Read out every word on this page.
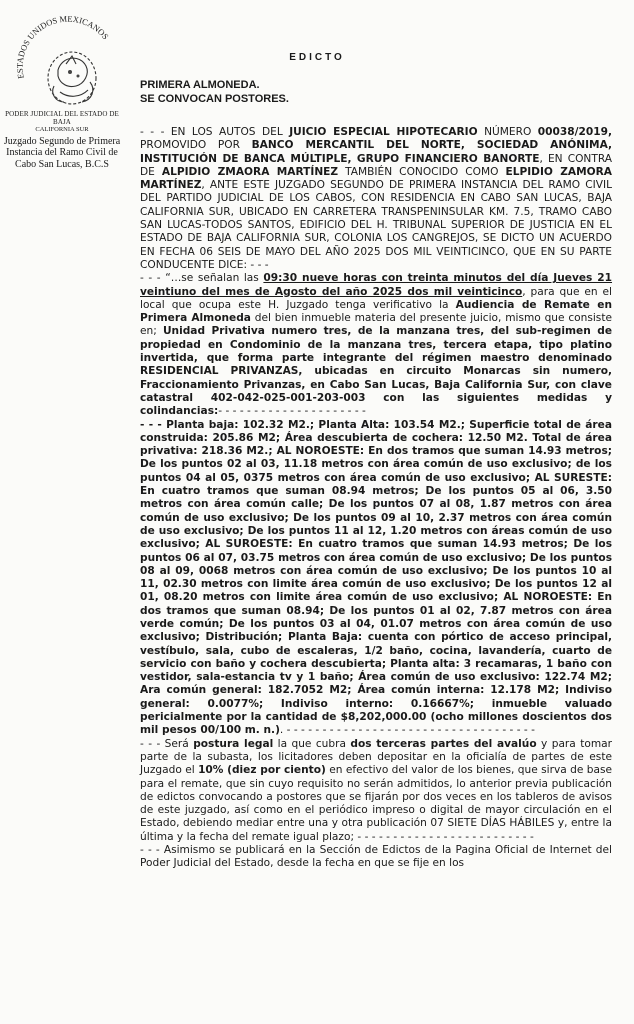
ESTADOS UNIDOS MEXICANOS
PODER JUDICIAL DEL ESTADO DE BAJA
CALIFORNIA SUR
Juzgado Segundo de Primera Instancia del Ramo Civil de Cabo San Lucas, B.C.S
EDICTO
PRIMERA ALMONEDA.
SE CONVOCAN POSTORES.

- - - EN LOS AUTOS DEL JUICIO ESPECIAL HIPOTECARIO NÚMERO 00038/2019, PROMOVIDO POR BANCO MERCANTIL DEL NORTE, SOCIEDAD ANÓNIMA, INSTITUCIÓN DE BANCA MÚLTIPLE, GRUPO FINANCIERO BANORTE, EN CONTRA DE ALPIDIO ZMAORA MARTÍNEZ TAMBIÉN CONOCIDO COMO ELPIDIO ZAMORA MARTÍNEZ, ANTE ESTE JUZGADO SEGUNDO DE PRIMERA INSTANCIA DEL RAMO CIVIL DEL PARTIDO JUDICIAL DE LOS CABOS, CON RESIDENCIA EN CABO SAN LUCAS, BAJA CALIFORNIA SUR, UBICADO EN CARRETERA TRANSPENINSULAR KM. 7.5, TRAMO CABO SAN LUCAS-TODOS SANTOS, EDIFICIO DEL H. TRIBUNAL SUPERIOR DE JUSTICIA EN EL ESTADO DE BAJA CALIFORNIA SUR, COLONIA LOS CANGREJOS, SE DICTO UN ACUERDO EN FECHA 06 SEIS DE MAYO DEL AÑO 2025 DOS MIL VEINTICINCO, QUE EN SU PARTE CONDUCENTE DICE: - - -

- - - “…se señalan las 09:30 nueve horas con treinta minutos del día Jueves 21 veintiuno del mes de Agosto del año 2025 dos mil veinticinco, para que en el local que ocupa este H. Juzgado tenga verificativo la Audiencia de Remate en Primera Almoneda del bien inmueble materia del presente juicio, mismo que consiste en; Unidad Privativa numero tres, de la manzana tres, del sub-regimen de propiedad en Condominio de la manzana tres, tercera etapa, tipo platino invertida, que forma parte integrante del régimen maestro denominado RESIDENCIAL PRIVANZAS, ubicadas en circuito Monarcas sin numero, Fraccionamiento Privanzas, en Cabo San Lucas, Baja California Sur, con clave catastral 402-042-025-001-203-003 con las siguientes medidas y colindancias:- - - - - - - - - - - - - - - - - - - - -

- - - Planta baja: 102.32 M2.; Planta Alta: 103.54 M2.; Superficie total de área construida: 205.86 M2; Área descubierta de cochera: 12.50 M2. Total de área privativa: 218.36 M2.; AL NOROESTE: En dos tramos que suman 14.93 metros; De los puntos 02 al 03, 11.18 metros con área común de uso exclusivo; de los puntos 04 al 05, 0375 metros con área común de uso exclusivo; AL SURESTE: En cuatro tramos que suman 08.94 metros; De los puntos 05 al 06, 3.50 metros con área común calle; De los puntos 07 al 08, 1.87 metros con área común de uso exclusivo; De los puntos 09 al 10, 2.37 metros con área común de uso exclusivo; De los puntos 11 al 12, 1.20 metros con áreas común de uso exclusivo; AL SUROESTE: En cuatro tramos que suman 14.93 metros; De los puntos 06 al 07, 03.75 metros con área común de uso exclusivo; De los puntos 08 al 09, 0068 metros con área común de uso exclusivo; De los puntos 10 al 11, 02.30 metros con limite área común de uso exclusivo; De los puntos 12 al 01, 08.20 metros con limite área común de uso exclusivo; AL NOROESTE: En dos tramos que suman 08.94; De los puntos 01 al 02, 7.87 metros con área verde común; De los puntos 03 al 04, 01.07 metros con área común de uso exclusivo; Distribución; Planta Baja: cuenta con pórtico de acceso principal, vestíbulo, sala, cubo de escaleras, 1/2 baño, cocina, lavandería, cuarto de servicio con baño y cochera descubierta; Planta alta: 3 recamaras, 1 baño con vestidor, sala-estancia tv y 1 baño; Área común de uso exclusivo: 122.74 M2; Ara común general: 182.7052 M2; Área común interna: 12.178 M2; Indiviso general: 0.0077%; Indiviso interno: 0.16667%; inmueble valuado pericialmente por la cantidad de $8,202,000.00 (ocho millones doscientos dos mil pesos 00/100 m. n.). - - - - - - - - - - - - - - - - - - - - - - - - - - - - - - - - - - -

- - - Será postura legal la que cubra dos terceras partes del avalúo y para tomar parte de la subasta, los licitadores deben depositar en la oficialía de partes de este Juzgado el 10% (diez por ciento) en efectivo del valor de los bienes, que sirva de base para el remate, que sin cuyo requisito no serán admitidos, lo anterior previa publicación de edictos convocando a postores que se fijarán por dos veces en los tableros de avisos de este juzgado, así como en el periódico impreso o digital de mayor circulación en el Estado, debiendo mediar entre una y otra publicación 07 SIETE DÍAS HÁBILES y, entre la última y la fecha del remate igual plazo; - - - - - - - - - - - - - - - - - - - - - - - - -

- - - Asimismo se publicará en la Sección de Edictos de la Pagina Oficial de Internet del Poder Judicial del Estado, desde la fecha en que se fije en los
